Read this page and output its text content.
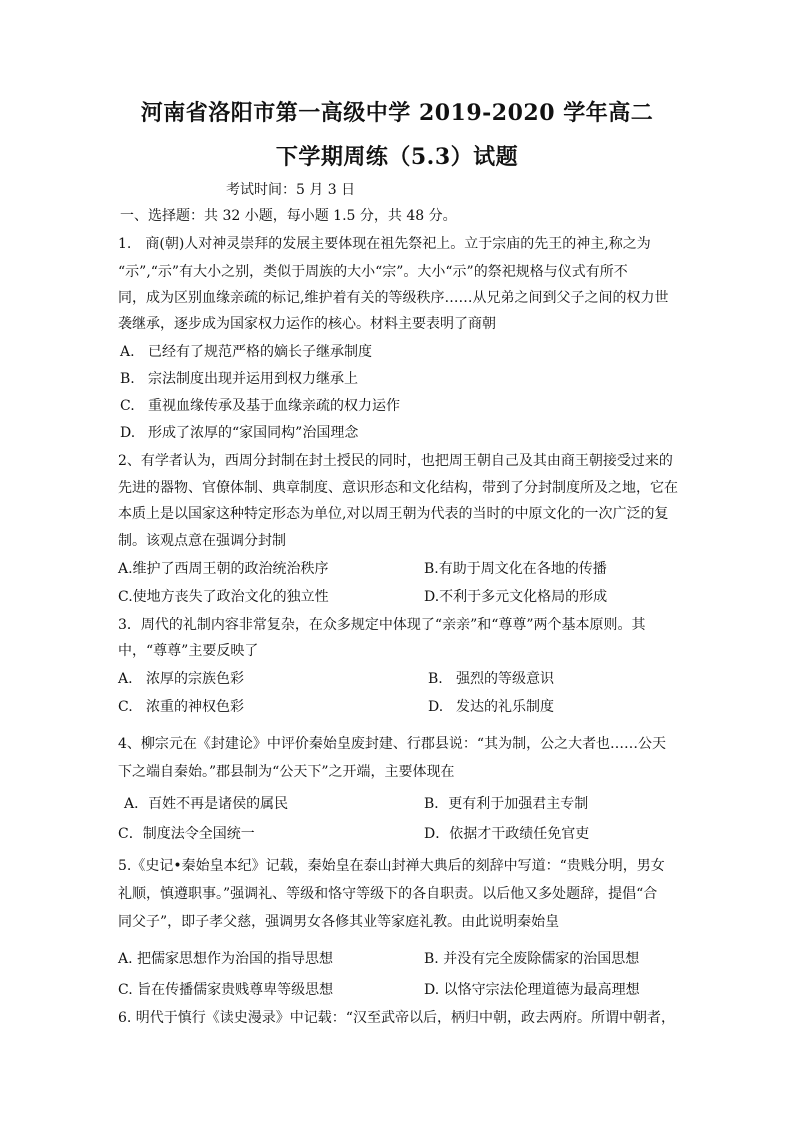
河南省洛阳市第一高级中学 2019-2020 学年高二
下学期周练（5.3）试题
考试时间：5 月 3 日
一、选择题：共 32 小题，每小题 1.5 分，共 48 分。
1.　商(朝)人对神灵崇拜的发展主要体现在祖先祭祀上。立于宗庙的先王的神主,称之为
“示”,“示”有大小之别，类似于周族的大小“宗”。大小“示”的祭祀规格与仪式有所不
同，成为区别血缘亲疏的标记,维护着有关的等级秩序……从兄弟之间到父子之间的权力世
袭继承，逐步成为国家权力运作的核心。材料主要表明了商朝
A. 已经有了规范严格的嫡长子继承制度
B. 宗法制度出现并运用到权力继承上
C. 重视血缘传承及基于血缘亲疏的权力运作
D. 形成了浓厚的“家国同构”治国理念
2、有学者认为，西周分封制在封土授民的同时，也把周王朝自己及其由商王朝接受过来的
先进的器物、官僚体制、典章制度、意识形态和文化结构，带到了分封制度所及之地，它在
本质上是以国家这种特定形态为单位,对以周王朝为代表的当时的中原文化的一次广泛的复
制。该观点意在强调分封制
A.维护了西周王朝的政治统治秩序	B.有助于周文化在各地的传播
C.使地方丧失了政治文化的独立性	D.不利于多元文化格局的形成
3．周代的礼制内容非常复杂，在众多规定中体现了“亲亲”和“尊尊”两个基本原则。其
中，“尊尊”主要反映了
A. 浓厚的宗族色彩	B. 强烈的等级意识
C. 浓重的神权色彩	D. 发达的礼乐制度
4、柳宗元在《封建论》中评价秦始皇废封建、行郡县说：“其为制，公之大者也……公天
下之端自秦始。”郡县制为“公天下”之开端，主要体现在
A．百姓不再是诸侯的属民	B．更有利于加强君主专制
C．制度法令全国统一	D．依据才干政绩任免官吏
5.《史记•秦始皇本纪》记载，秦始皇在泰山封禅大典后的刻辞中写道：“贵贱分明，男女
礼顺，慎遵职事。”强调礼、等级和恪守等级下的各自职责。以后他又多处题辞，提倡“合
同父子”，即子孝父慈，强调男女各修其业等家庭礼教。由此说明秦始皇
A. 把儒家思想作为治国的指导思想	B. 并没有完全废除儒家的治国思想
C. 旨在传播儒家贵贱尊卑等级思想	D. 以恪守宗法伦理道德为最高理想
6. 明代于慎行《读史漫录》中记载：“汉至武帝以后，柄归中朝，政去两府。所谓中朝者，
